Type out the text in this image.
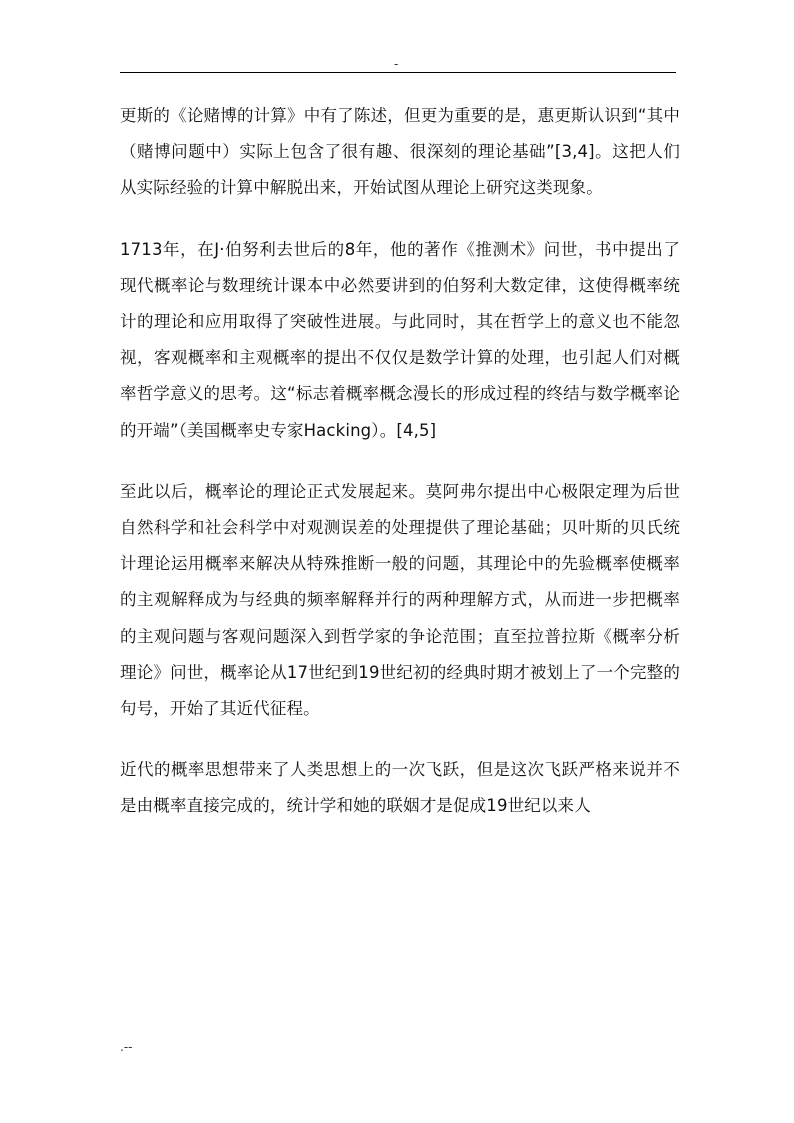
-

更斯的《论赌博的计算》中有了陈述，但更为重要的是，惠更斯认识到“其中（赌博问题中）实际上包含了很有趣、很深刻的理论基础”[3,4]。这把人们从实际经验的计算中解脱出来，开始试图从理论上研究这类现象。

1713年，在J·伯努利去世后的8年，他的著作《推测术》问世，书中提出了现代概率论与数理统计课本中必然要讲到的伯努利大数定律，这使得概率统计的理论和应用取得了突破性进展。与此同时，其在哲学上的意义也不能忽视，客观概率和主观概率的提出不仅仅是数学计算的处理，也引起人们对概率哲学意义的思考。这“标志着概率概念漫长的形成过程的终结与数学概率论的开端”（美国概率史专家Hacking）。[4,5]

至此以后，概率论的理论正式发展起来。莫阿弗尔提出中心极限定理为后世自然科学和社会科学中对观测误差的处理提供了理论基础；贝叶斯的贝氏统计理论运用概率来解决从特殊推断一般的问题，其理论中的先验概率使概率的主观解释成为与经典的频率解释并行的两种理解方式，从而进一步把概率的主观问题与客观问题深入到哲学家的争论范围；直至拉普拉斯《概率分析理论》问世，概率论从17世纪到19世纪初的经典时期才被划上了一个完整的句号，开始了其近代征程。

近代的概率思想带来了人类思想上的一次飞跃，但是这次飞跃严格来说并不是由概率直接完成的，统计学和她的联姻才是促成19世纪以来人

.--
